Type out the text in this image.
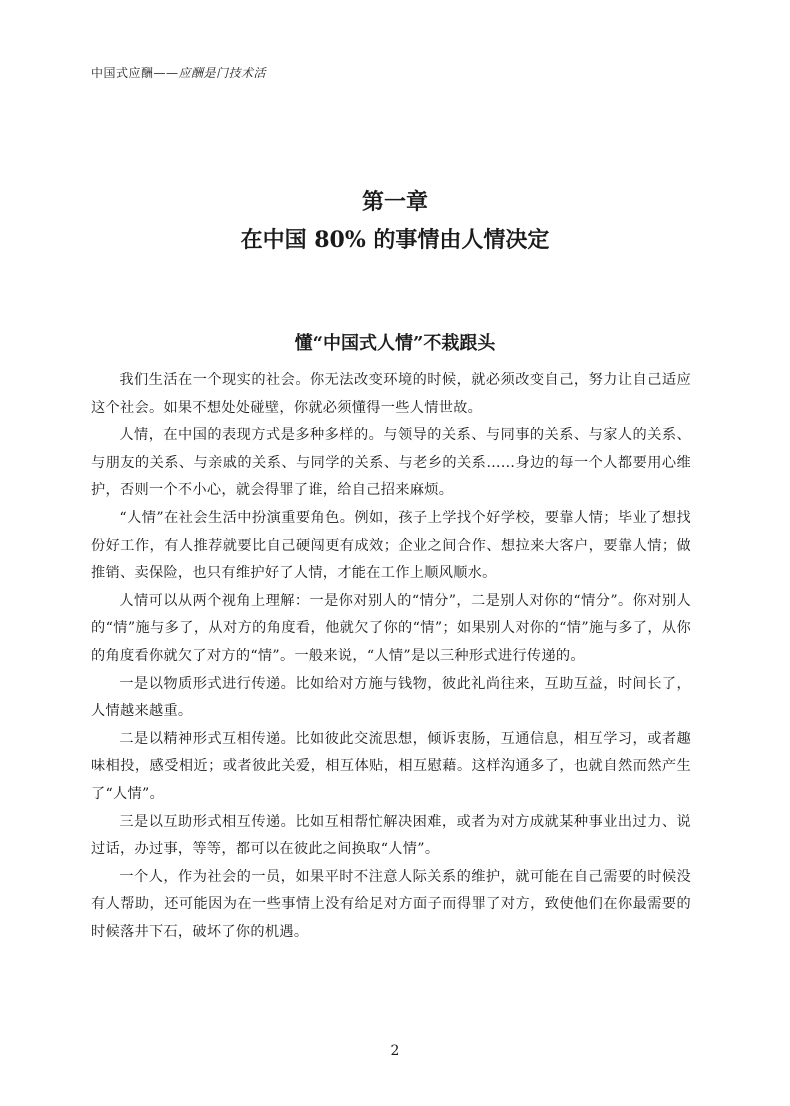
中国式应酬——应酬是门技术活
第一章
在中国 80% 的事情由人情决定
懂“中国式人情”不栽跟头

我们生活在一个现实的社会。你无法改变环境的时候，就必须改变自己，努力让自己适应这个社会。如果不想处处碰壁，你就必须懂得一些人情世故。

人情，在中国的表现方式是多种多样的。与领导的关系、与同事的关系、与家人的关系、与朋友的关系、与亲戚的关系、与同学的关系、与老乡的关系……身边的每一个人都要用心维护，否则一个不小心，就会得罪了谁，给自己招来麻烦。

“人情”在社会生活中扮演重要角色。例如，孩子上学找个好学校，要靠人情；毕业了想找份好工作，有人推荐就要比自己硬闯更有成效；企业之间合作、想拉来大客户，要靠人情；做推销、卖保险，也只有维护好了人情，才能在工作上顺风顺水。

人情可以从两个视角上理解：一是你对别人的“情分”，二是别人对你的“情分”。你对别人的“情”施与多了，从对方的角度看，他就欠了你的“情”；如果别人对你的“情”施与多了，从你的角度看你就欠了对方的“情”。一般来说，“人情”是以三种形式进行传递的。

一是以物质形式进行传递。比如给对方施与钱物，彼此礼尚往来，互助互益，时间长了，人情越来越重。

二是以精神形式互相传递。比如彼此交流思想，倾诉衷肠，互通信息，相互学习，或者趣味相投，感受相近；或者彼此关爱，相互体贴，相互慰藉。这样沟通多了，也就自然而然产生了“人情”。

三是以互助形式相互传递。比如互相帮忙解决困难，或者为对方成就某种事业出过力、说过话，办过事，等等，都可以在彼此之间换取“人情”。

一个人，作为社会的一员，如果平时不注意人际关系的维护，就可能在自己需要的时候没有人帮助，还可能因为在一些事情上没有给足对方面子而得罪了对方，致使他们在你最需要的时候落井下石，破坏了你的机遇。

2
